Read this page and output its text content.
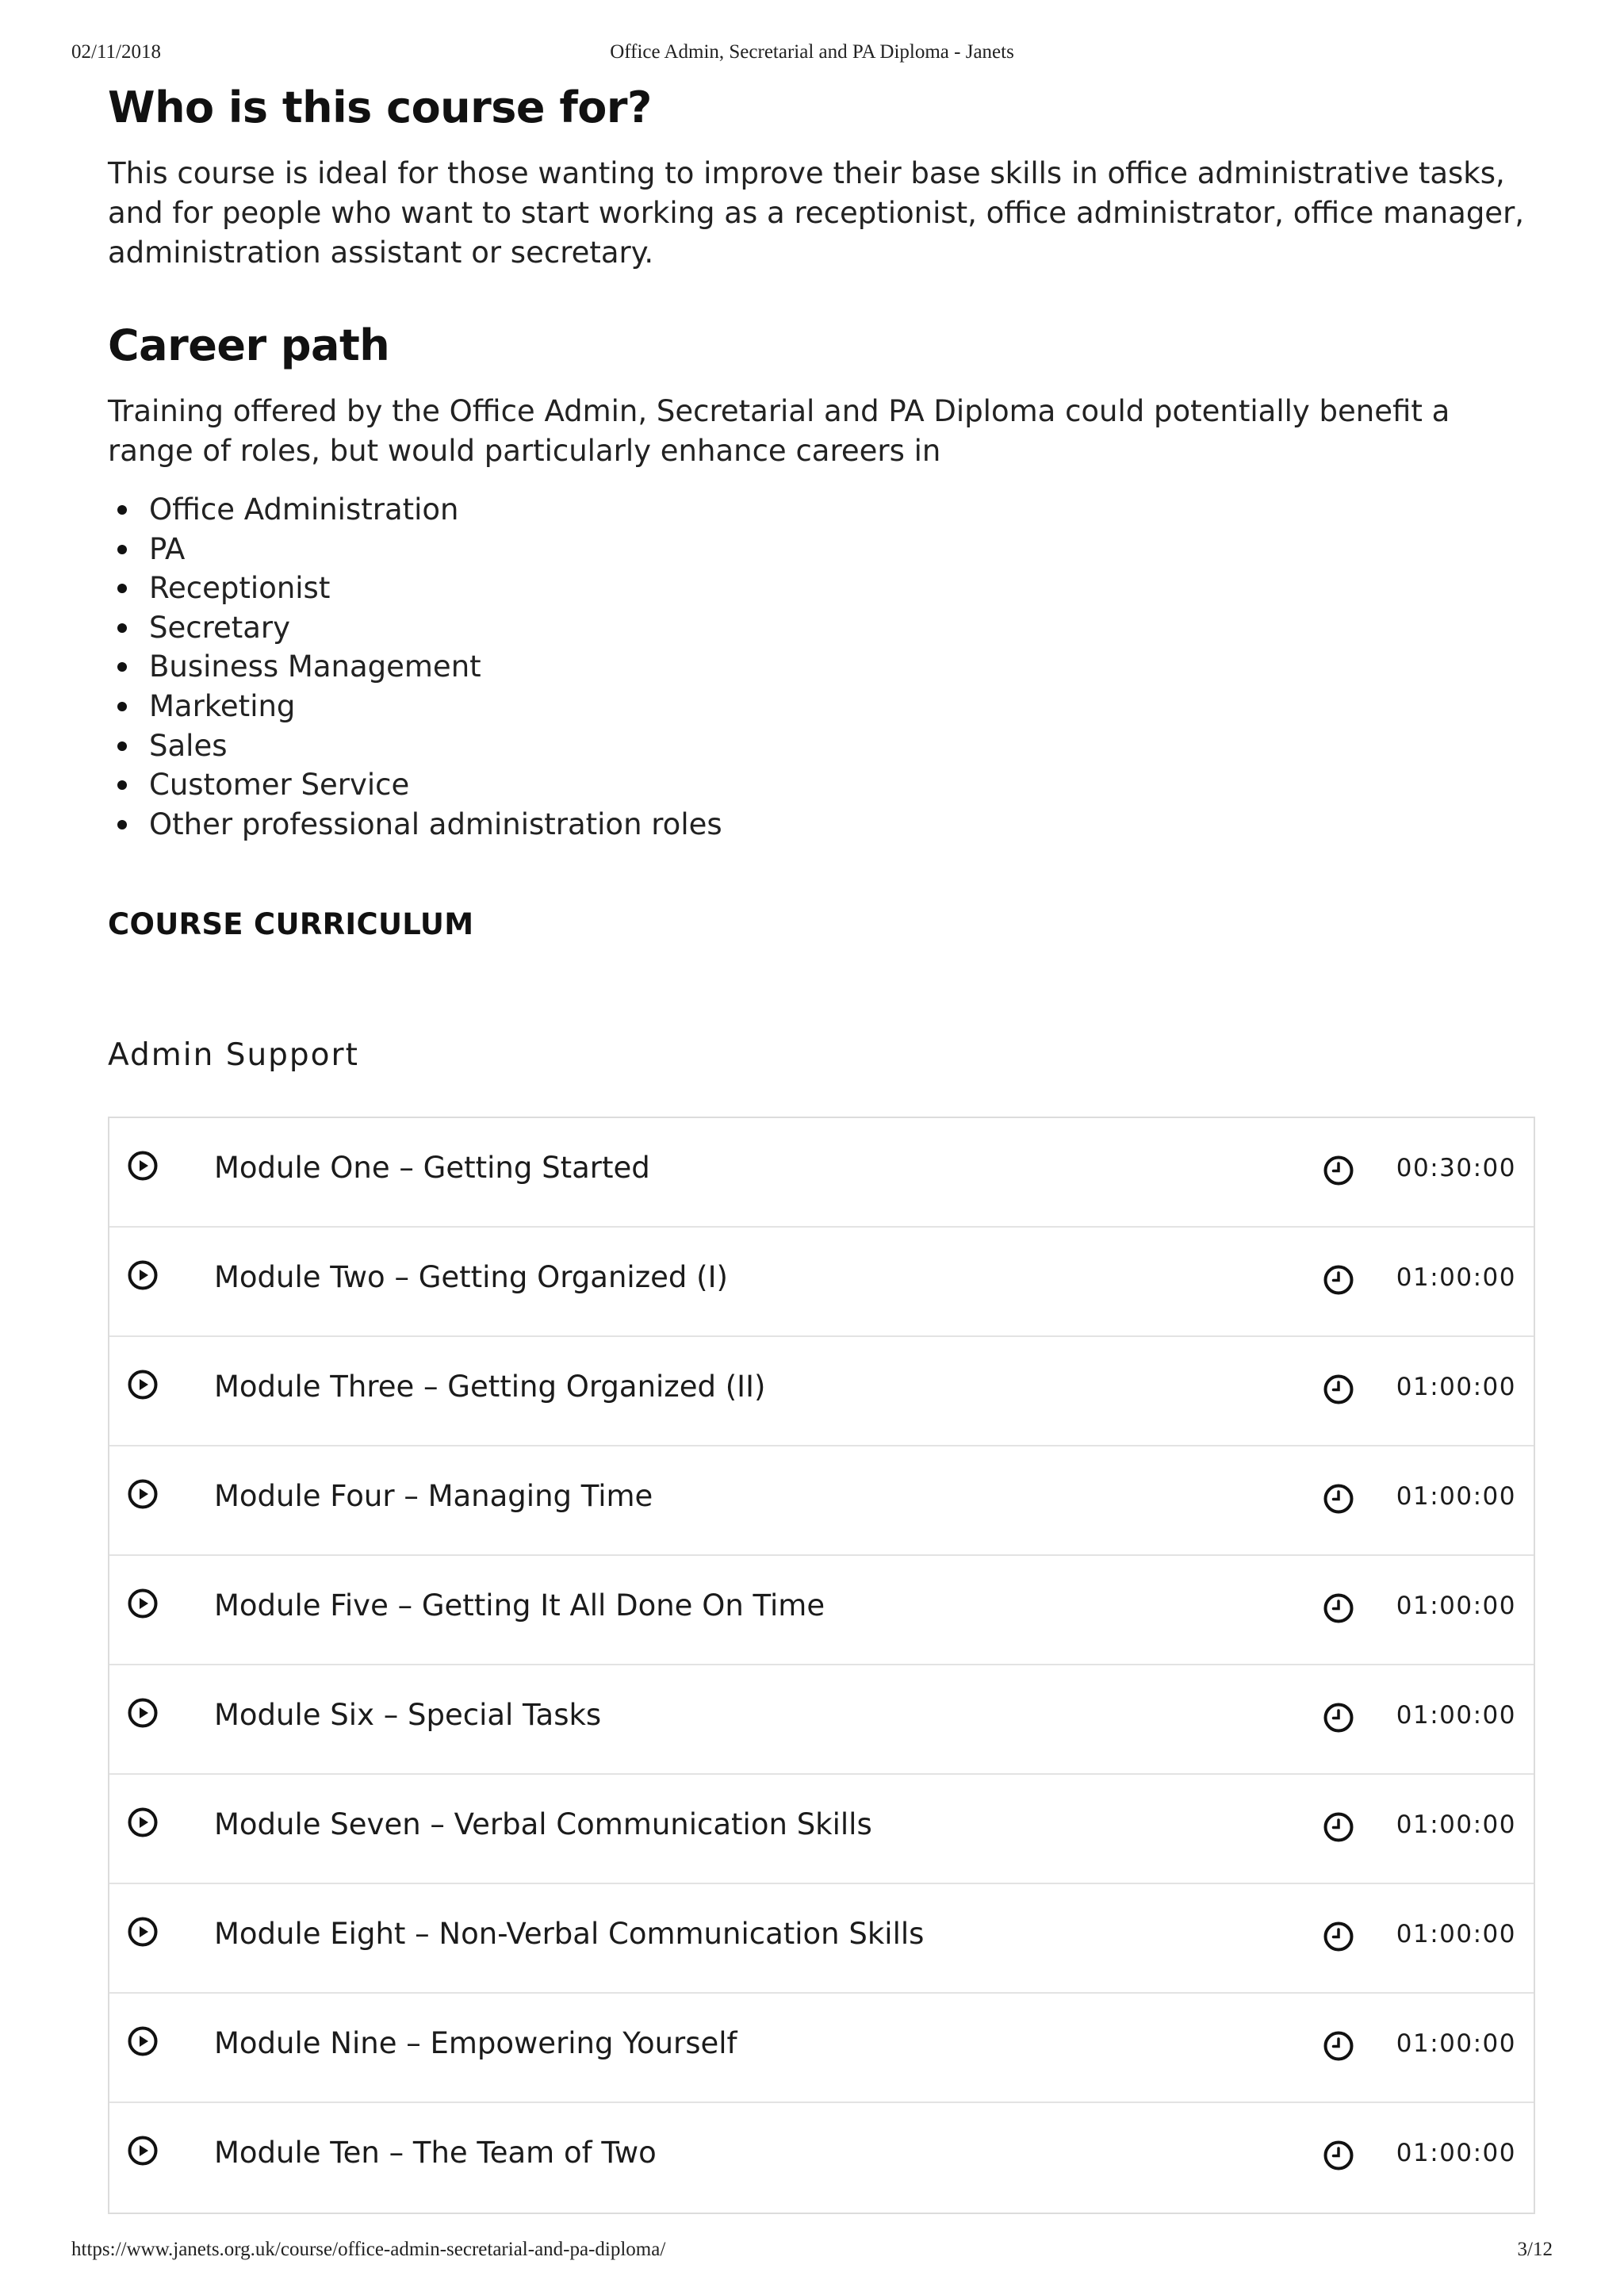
02/11/2018	Office Admin, Secretarial and PA Diploma - Janets
Who is this course for?

This course is ideal for those wanting to improve their base skills in office administrative tasks, and for people who want to start working as a receptionist, office administrator, office manager, administration assistant or secretary.

Career path

Training offered by the Office Admin, Secretarial and PA Diploma could potentially benefit a range of roles, but would particularly enhance careers in

Office Administration
PA
Receptionist
Secretary
Business Management
Marketing
Sales
Customer Service
Other professional administration roles
COURSE CURRICULUM
Admin Support
Module One – Getting Started	00:30:00
Module Two – Getting Organized (I)	01:00:00
Module Three – Getting Organized (II)	01:00:00
Module Four – Managing Time	01:00:00
Module Five – Getting It All Done On Time	01:00:00
Module Six – Special Tasks	01:00:00
Module Seven – Verbal Communication Skills	01:00:00
Module Eight – Non-Verbal Communication Skills	01:00:00
Module Nine – Empowering Yourself	01:00:00
Module Ten – The Team of Two	01:00:00
https://www.janets.org.uk/course/office-admin-secretarial-and-pa-diploma/	3/12
